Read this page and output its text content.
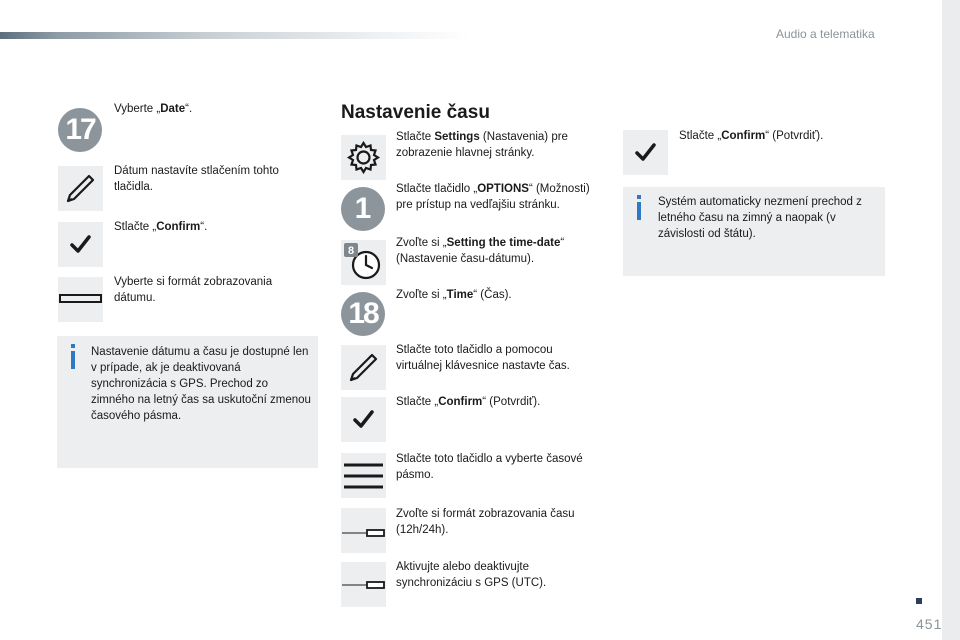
Audio a telematika
17
Vyberte „Date“.
Dátum nastavíte stlačením tohto tlačidla.
Stlačte „Confirm“.
Vyberte si formát zobrazovania dátumu.
Nastavenie dátumu a času je dostupné len v prípade, ak je deaktivovaná synchronizácia s GPS. Prechod zo zimného na letný čas sa uskutoční zmenou časového pásma.
Nastavenie času
Stlačte Settings (Nastavenia) pre zobrazenie hlavnej stránky.
1
Stlačte tlačidlo „OPTIONS“ (Možnosti) pre prístup na vedľajšiu stránku.
8
Zvoľte si „Setting the time-date“ (Nastavenie času-dátumu).
18
Zvoľte si „Time“ (Čas).
Stlačte toto tlačidlo a pomocou virtuálnej klávesnice nastavte čas.
Stlačte „Confirm“ (Potvrdiť).
Stlačte toto tlačidlo a vyberte časové pásmo.
Zvoľte si formát zobrazovania času (12h/24h).
Aktivujte alebo deaktivujte synchronizáciu s GPS (UTC).
Stlačte „Confirm“ (Potvrdiť).
Systém automaticky nezmení prechod z letného času na zimný a naopak (v závislosti od štátu).
451
